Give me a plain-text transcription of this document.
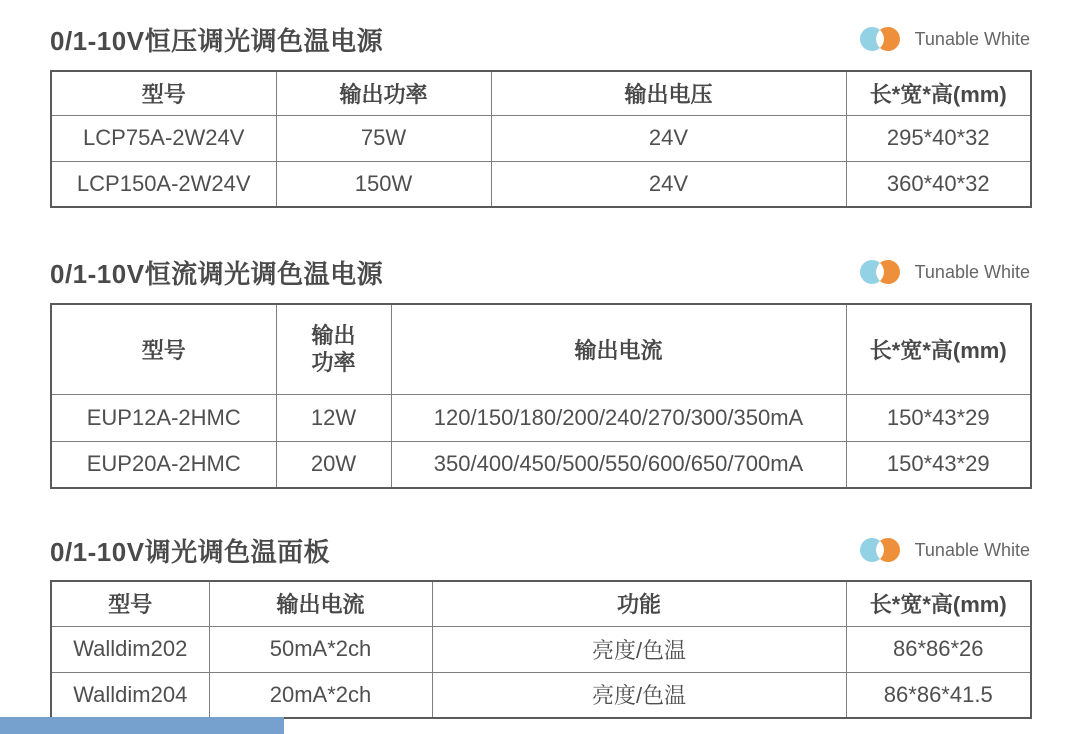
0/1-10V恒压调光调色温电源	Tunable White
型号	输出功率	输出电压	长*宽*高(mm)
LCP75A-2W24V	75W	24V	295*40*32
LCP150A-2W24V	150W	24V	360*40*32
0/1-10V恒流调光调色温电源	Tunable White
型号	输出功率	输出电流	长*宽*高(mm)
EUP12A-2HMC	12W	120/150/180/200/240/270/300/350mA	150*43*29
EUP20A-2HMC	20W	350/400/450/500/550/600/650/700mA	150*43*29
0/1-10V调光调色温面板	Tunable White
型号	输出电流	功能	长*宽*高(mm)
Walldim202	50mA*2ch	亮度/色温	86*86*26
Walldim204	20mA*2ch	亮度/色温	86*86*41.5
